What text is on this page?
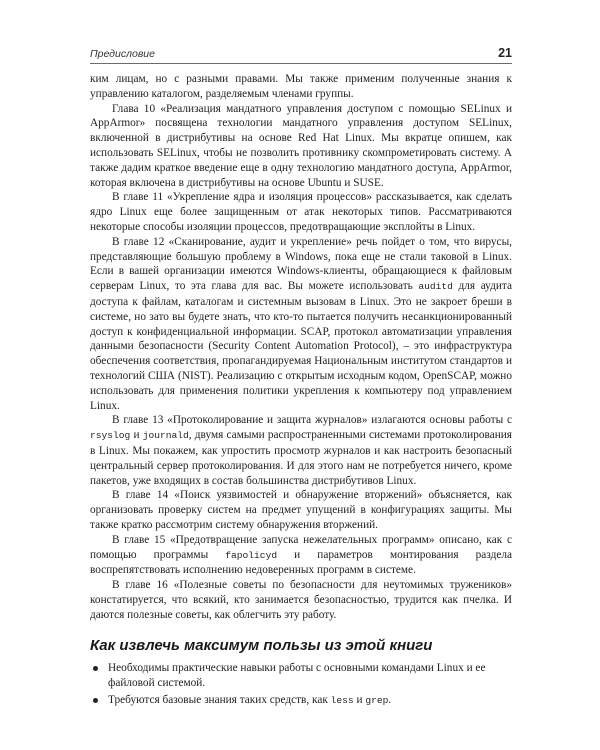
Предисловие	21

ким лицам, но с разными правами. Мы также применим полученные знания к управлению каталогом, разделяемым членами группы.

Глава 10 «Реализация мандатного управления доступом с помощью SELinux и AppArmor» посвящена технологии мандатного управления доступом SELinux, включенной в дистрибутивы на основе Red Hat Linux. Мы вкратце опишем, как использовать SELinux, чтобы не позволить противнику скомпрометировать систему. А также дадим краткое введение еще в одну технологию мандатного доступа, AppArmor, которая включена в дистрибутивы на основе Ubuntu и SUSE.

В главе 11 «Укрепление ядра и изоляция процессов» рассказывается, как сделать ядро Linux еще более защищенным от атак некоторых типов. Рассматриваются некоторые способы изоляции процессов, предотвращающие эксплойты в Linux.

В главе 12 «Сканирование, аудит и укрепление» речь пойдет о том, что вирусы, представляющие большую проблему в Windows, пока еще не стали таковой в Linux. Если в вашей организации имеются Windows-клиенты, обращающиеся к файловым серверам Linux, то эта глава для вас. Вы можете использовать auditd для аудита доступа к файлам, каталогам и системным вызовам в Linux. Это не закроет бреши в системе, но зато вы будете знать, что кто-то пытается получить несанкционированный доступ к конфиденциальной информации. SCAP, протокол автоматизации управления данными безопасности (Security Content Automation Protocol), – это инфраструктура обеспечения соответствия, пропагандируемая Национальным институтом стандартов и технологий США (NIST). Реализацию с открытым исходным кодом, OpenSCAP, можно использовать для применения политики укрепления к компьютеру под управлением Linux.

В главе 13 «Протоколирование и защита журналов» излагаются основы работы с rsyslog и journald, двумя самыми распространенными системами протоколирования в Linux. Мы покажем, как упростить просмотр журналов и как настроить безопасный центральный сервер протоколирования. И для этого нам не потребуется ничего, кроме пакетов, уже входящих в состав большинства дистрибутивов Linux.

В главе 14 «Поиск уязвимостей и обнаружение вторжений» объясняется, как организовать проверку систем на предмет упущений в конфигурациях защиты. Мы также кратко рассмотрим систему обнаружения вторжений.

В главе 15 «Предотвращение запуска нежелательных программ» описано, как с помощью программы fapolicyd и параметров монтирования раздела воспрепятствовать исполнению недоверенных программ в системе.

В главе 16 «Полезные советы по безопасности для неутомимых тружеников» констатируется, что всякий, кто занимается безопасностью, трудится как пчелка. И даются полезные советы, как облегчить эту работу.

Как извлечь максимум пользы из этой книги
Необходимы практические навыки работы с основными командами Linux и ее файловой системой.
Требуются базовые знания таких средств, как less и grep.
